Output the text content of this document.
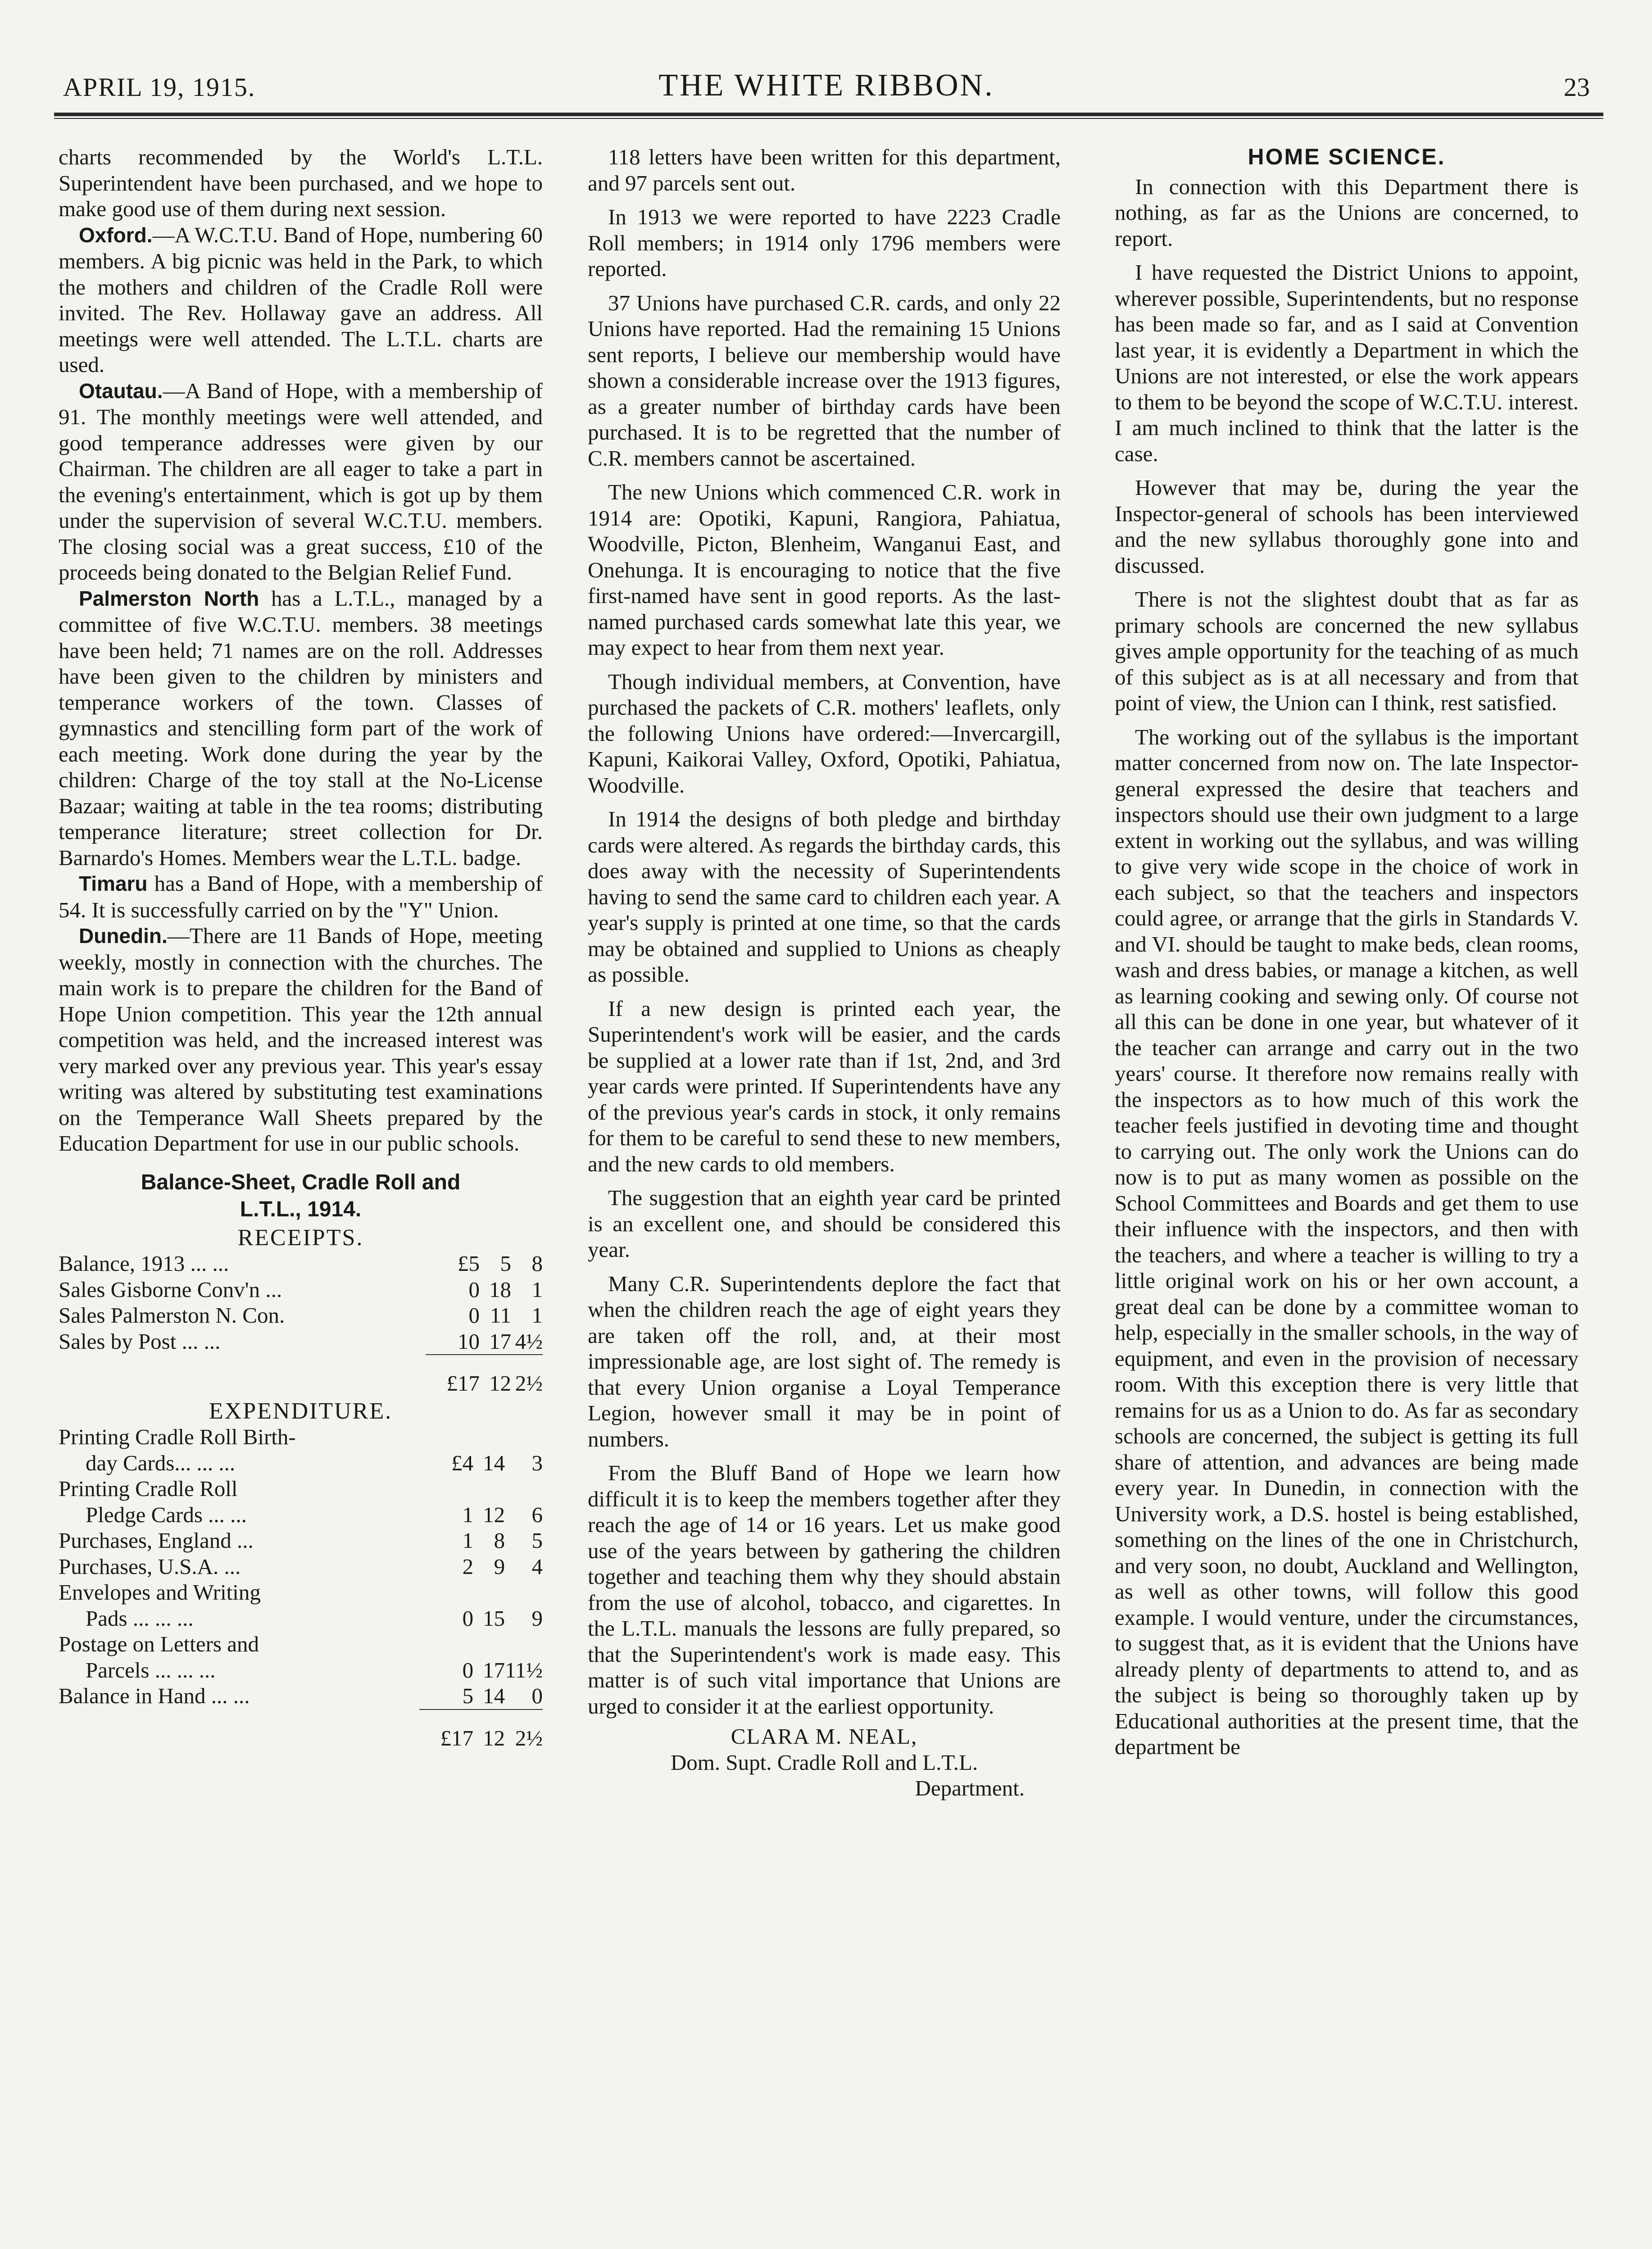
APRIL 19, 1915.	THE WHITE RIBBON.	23

charts recommended by the World's L.T.L. Superintendent have been purchased, and we hope to make good use of them during next session.

Oxford.—A W.C.T.U. Band of Hope, numbering 60 members. A big picnic was held in the Park, to which the mothers and children of the Cradle Roll were invited. The Rev. Hollaway gave an address. All meetings were well attended. The L.T.L. charts are used.

Otautau.—A Band of Hope, with a membership of 91. The monthly meetings were well attended, and good temperance addresses were given by our Chairman. The children are all eager to take a part in the evening's entertainment, which is got up by them under the supervision of several W.C.T.U. members. The closing social was a great success, £10 of the proceeds being donated to the Belgian Relief Fund.

Palmerston North has a L.T.L., managed by a committee of five W.C.T.U. members. 38 meetings have been held; 71 names are on the roll. Addresses have been given to the children by ministers and temperance workers of the town. Classes of gymnastics and stencilling form part of the work of each meeting. Work done during the year by the children: Charge of the toy stall at the No-License Bazaar; waiting at table in the tea rooms; distributing temperance literature; street collection for Dr. Barnardo's Homes. Members wear the L.T.L. badge.

Timaru has a Band of Hope, with a membership of 54. It is successfully carried on by the "Y" Union.

Dunedin.—There are 11 Bands of Hope, meeting weekly, mostly in connection with the churches. The main work is to prepare the children for the Band of Hope Union competition. This year the 12th annual competition was held, and the increased interest was very marked over any previous year. This year's essay writing was altered by substituting test examinations on the Temperance Wall Sheets prepared by the Education Department for use in our public schools.

Balance-Sheet, Cradle Roll and
L.T.L., 1914.
RECEIPTS.
Balance, 1913 ... ...	£5	5	8
Sales Gisborne Conv'n ...	0	18	1
Sales Palmerston N. Con.	0	11	1
Sales by Post ... ...	10	17	4½
	£17	12	2½
EXPENDITURE.
Printing Cradle Roll Birth-			
day Cards... ... ...	£4	14	3
Printing Cradle Roll			
Pledge Cards ... ...	1	12	6
Purchases, England ...	1	8	5
Purchases, U.S.A. ...	2	9	4
Envelopes and Writing			
Pads ... ... ...	0	15	9
Postage on Letters and			
Parcels ... ... ...	0	17	11½
Balance in Hand ... ...	5	14	0
	£17	12	2½

118 letters have been written for this department, and 97 parcels sent out.

In 1913 we were reported to have 2223 Cradle Roll members; in 1914 only 1796 members were reported.

37 Unions have purchased C.R. cards, and only 22 Unions have reported. Had the remaining 15 Unions sent reports, I believe our membership would have shown a considerable increase over the 1913 figures, as a greater number of birthday cards have been purchased. It is to be regretted that the number of C.R. members cannot be ascertained.

The new Unions which commenced C.R. work in 1914 are: Opotiki, Kapuni, Rangiora, Pahiatua, Woodville, Picton, Blenheim, Wanganui East, and Onehunga. It is encouraging to notice that the five first-named have sent in good reports. As the last-named purchased cards somewhat late this year, we may expect to hear from them next year.

Though individual members, at Convention, have purchased the packets of C.R. mothers' leaflets, only the following Unions have ordered:—Invercargill, Kapuni, Kaikorai Valley, Oxford, Opotiki, Pahiatua, Woodville.

In 1914 the designs of both pledge and birthday cards were altered. As regards the birthday cards, this does away with the necessity of Superintendents having to send the same card to children each year. A year's supply is printed at one time, so that the cards may be obtained and supplied to Unions as cheaply as possible.

If a new design is printed each year, the Superintendent's work will be easier, and the cards be supplied at a lower rate than if 1st, 2nd, and 3rd year cards were printed. If Superintendents have any of the previous year's cards in stock, it only remains for them to be careful to send these to new members, and the new cards to old members.

The suggestion that an eighth year card be printed is an excellent one, and should be considered this year.

Many C.R. Superintendents deplore the fact that when the children reach the age of eight years they are taken off the roll, and, at their most impressionable age, are lost sight of. The remedy is that every Union organise a Loyal Temperance Legion, however small it may be in point of numbers.

From the Bluff Band of Hope we learn how difficult it is to keep the members together after they reach the age of 14 or 16 years. Let us make good use of the years between by gathering the children together and teaching them why they should abstain from the use of alcohol, tobacco, and cigarettes. In the L.T.L. manuals the lessons are fully prepared, so that the Superintendent's work is made easy. This matter is of such vital importance that Unions are urged to consider it at the earliest opportunity.

CLARA M. NEAL,
Dom. Supt. Cradle Roll and L.T.L.
Department.
HOME SCIENCE.

In connection with this Department there is nothing, as far as the Unions are concerned, to report.

I have requested the District Unions to appoint, wherever possible, Superintendents, but no response has been made so far, and as I said at Convention last year, it is evidently a Department in which the Unions are not interested, or else the work appears to them to be beyond the scope of W.C.T.U. interest. I am much inclined to think that the latter is the case.

However that may be, during the year the Inspector-general of schools has been interviewed and the new syllabus thoroughly gone into and discussed.

There is not the slightest doubt that as far as primary schools are concerned the new syllabus gives ample opportunity for the teaching of as much of this subject as is at all necessary and from that point of view, the Union can I think, rest satisfied.

The working out of the syllabus is the important matter concerned from now on. The late Inspector-general expressed the desire that teachers and inspectors should use their own judgment to a large extent in working out the syllabus, and was willing to give very wide scope in the choice of work in each subject, so that the teachers and inspectors could agree, or arrange that the girls in Standards V. and VI. should be taught to make beds, clean rooms, wash and dress babies, or manage a kitchen, as well as learning cooking and sewing only. Of course not all this can be done in one year, but whatever of it the teacher can arrange and carry out in the two years' course. It therefore now remains really with the inspectors as to how much of this work the teacher feels justified in devoting time and thought to carrying out. The only work the Unions can do now is to put as many women as possible on the School Committees and Boards and get them to use their influence with the inspectors, and then with the teachers, and where a teacher is willing to try a little original work on his or her own account, a great deal can be done by a committee woman to help, especially in the smaller schools, in the way of equipment, and even in the provision of necessary room. With this exception there is very little that remains for us as a Union to do. As far as secondary schools are concerned, the subject is getting its full share of attention, and advances are being made every year. In Dunedin, in connection with the University work, a D.S. hostel is being established, something on the lines of the one in Christchurch, and very soon, no doubt, Auckland and Wellington, as well as other towns, will follow this good example. I would venture, under the circumstances, to suggest that, as it is evident that the Unions have already plenty of departments to attend to, and as the subject is being so thoroughly taken up by Educational authorities at the present time, that the department be
